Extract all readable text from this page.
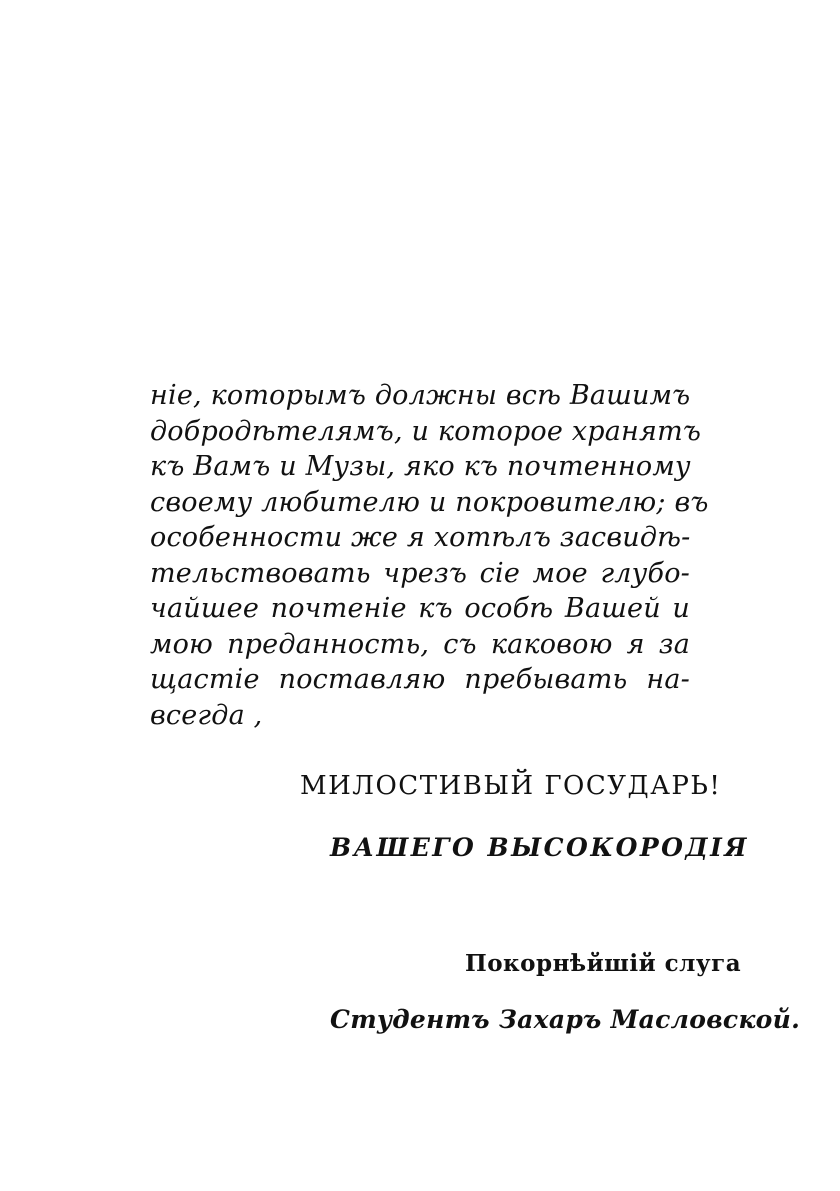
ніе, которымъ должны всѣ Вашимъ
добродѣтелямъ, и которое хранятъ
къ Вамъ и Музы, яко къ почтенному
своему любителю и покровителю; въ
особенности же я хотѣлъ засвидѣ-
тельствовать чрезъ сіе мое глубо-
чайшее почтеніе къ особѣ Вашей и
мою преданность, съ каковою я за
щастіе поставляю пребывать на-
всегда ,
МИЛОСТИВЫЙ ГОСУДАРЬ!
ВАШЕГО ВЫСОКОРОДІЯ
Покорнѣйшій слуга
Студентъ Захаръ Масловской.
